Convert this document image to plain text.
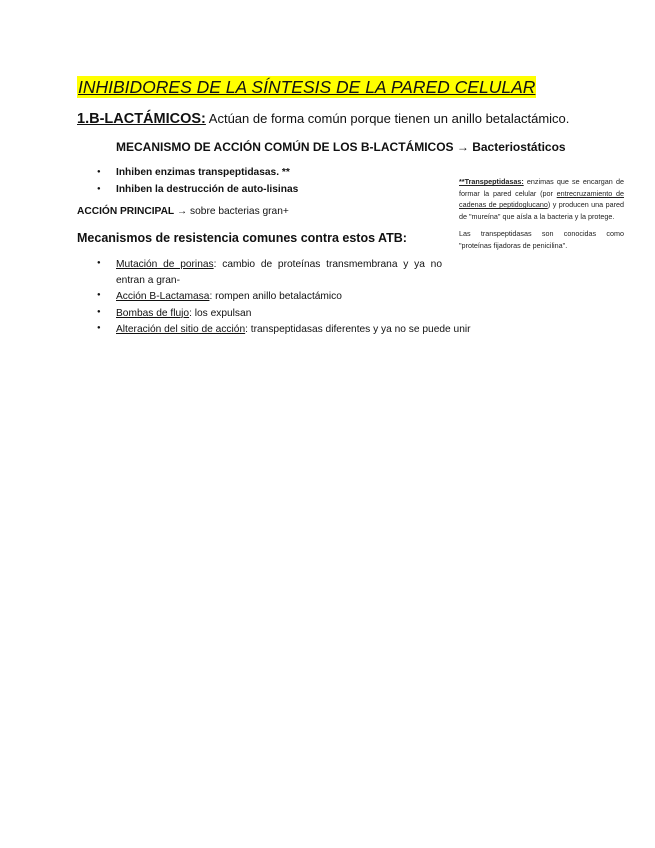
INHIBIDORES DE LA SÍNTESIS DE LA PARED CELULAR
1.B-LACTÁMICOS: Actúan de forma común porque tienen un anillo betalactámico.
MECANISMO DE ACCIÓN COMÚN DE LOS B-LACTÁMICOS → Bacteriostáticos
● Inhiben enzimas transpeptidasas. **
● Inhiben la destrucción de auto-lisinas
ACCIÓN PRINCIPAL → sobre bacterias gran+
Mecanismos de resistencia comunes contra estos ATB:
● Mutación de porinas: cambio de proteínas transmembrana y ya no entran a gran-
● Acción B-Lactamasa: rompen anillo betalactámico
● Bombas de flujo: los expulsan
● Alteración del sitio de acción: transpeptidasas diferentes y ya no se puede unir

**Transpeptidasas: enzimas que se encargan de formar la pared celular (por entrecruzamiento de cadenas de peptidoglucano) y producen una pared de "mureína" que aísla a la bacteria y la protege.

Las transpeptidasas son conocidas como "proteínas fijadoras de penicilina".
